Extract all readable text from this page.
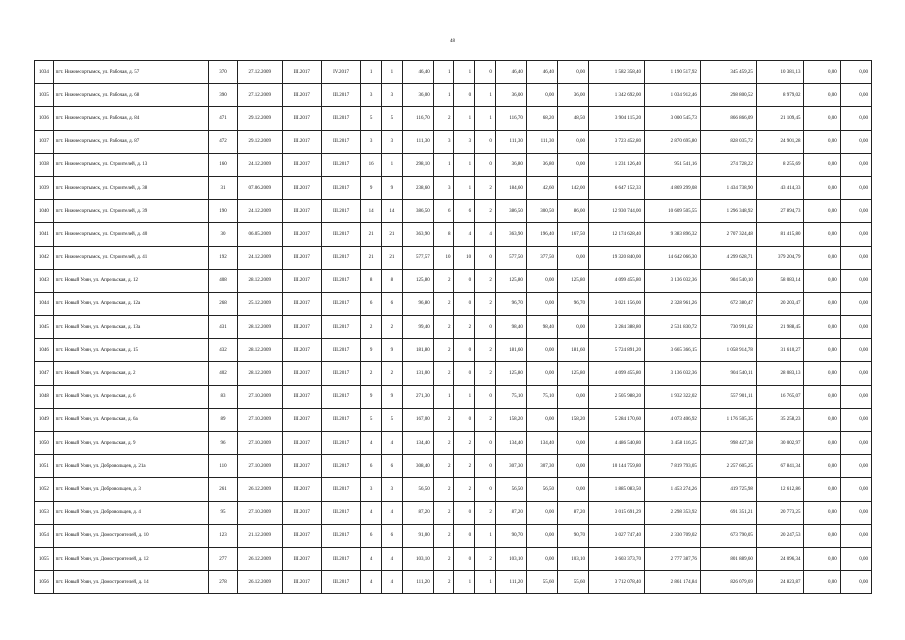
48
1034	пгт. Нижнесортымск, ул. Рабочая, д. 57	370	27.12.2009	III.2017	IV.2017	1	1	46,40	1	1	0	46,40	46,40	0,00	1 582 358,40	1 190 517,92	345 459,25	10 381,13	0,00	0,00
1035	пгт. Нижнесортымск, ул. Рабочая, д. 68	390	27.12.2009	III.2017	III.2017	3	3	36,00	1	0	1	36,00	0,00	36,00	1 342 692,00	1 034 912,46	298 800,52	8 979,02	0,00	0,00
1036	пгт. Нижнесортымск, ул. Рабочая, д. 84	471	29.12.2009	III.2017	III.2017	5	5	116,70	2	1	1	116,70	68,20	48,50	3 904 115,20	3 000 545,73	866 866,09	21 109,45	0,00	0,00
1037	пгт. Нижнесортымск, ул. Рабочая, д. 87	472	29.12.2009	III.2017	III.2017	3	3	111,30	3	3	0	111,30	111,30	0,00	3 723 452,80	2 870 695,80	828 035,72	24 901,28	0,00	0,00
1038	пгт. Нижнесортымск, ул. Строителей, д. 13	160	24.12.2009	III.2017	III.2017	16	1	298,10	1	1	0	36,80	36,80	0,00	1 231 126,40	951 541,16	274 728,22	8 255,69	0,00	0,00
1039	пгт. Нижнесортымск, ул. Строителей, д. 38	31	07.06.2009	III.2017	III.2017	9	9	238,60	3	1	2	184,60	42,60	142,00	6 647 152,33	4 869 299,08	1 434 738,90	43 414,33	0,00	0,00
1040	пгт. Нижнесортымск, ул. Строителей, д. 39	190	24.12.2009	III.2017	III.2017	14	14	386,50	6	6	2	386,50	300,50	86,00	12 930 744,00	10 609 505,55	1 296 348,92	27 894,73	0,00	0,00
1041	пгт. Нижнесортымск, ул. Строителей, д. 40	30	06.05.2009	III.2017	III.2017	21	21	363,90	8	4	4	363,90	196,40	167,50	12 174 628,40	9 383 896,32	2 707 324,48	81 415,80	0,00	0,00
1042	пгт. Нижнесортымск, ул. Строителей, д. 41	192	24.12.2009	III.2017	III.2017	21	21	577,57	10	10	0	577,50	377,50	0,00	19 320 840,00	14 642 066,30	4 299 628,71	379 204,79	0,00	0,00
1043	пгт. Новый Уоян, ул. Апрельская, д. 12	408	28.12.2009	III.2017	III.2017	8	8	125,80	2	0	2	125,80	0,00	125,80	4 099 455,80	3 136 032,36	904 540,10	58 083,14	0,00	0,00
1044	пгт. Новый Уоян, ул. Апрельская, д. 12а	268	25.12.2009	III.2017	III.2017	6	6	96,80	2	0	2	96,70	0,00	96,70	3 021 156,00	2 328 961,26	672 380,47	20 203,47	0,00	0,00
1045	пгт. Новый Уоян, ул. Апрельская, д. 13а	431	28.12.2009	III.2017	III.2017	2	2	99,40	2	2	0	98,40	98,40	0,00	3 284 388,80	2 531 830,72	730 991,62	21 988,45	0,00	0,00
1046	пгт. Новый Уоян, ул. Апрельская, д. 15	432	28.12.2009	III.2017	III.2017	9	9	181,80	2	0	2	181,60	0,00	181,60	5 724 891,20	3 665 366,15	1 058 914,78	31 610,27	0,00	0,00
1047	пгт. Новый Уоян, ул. Апрельская, д. 2	402	28.12.2009	III.2017	III.2017	2	2	131,00	2	0	2	125,80	0,00	125,80	4 099 455,80	3 136 032,36	904 540,11	28 083,13	0,00	0,00
1048	пгт. Новый Уоян, ул. Апрельская, д. 6	83	27.10.2009	III.2017	III.2017	9	9	271,30	1	1	0	75,10	75,10	0,00	2 505 988,20	1 932 322,02	557 901,11	16 765,07	0,00	0,00
1049	пгт. Новый Уоян, ул. Апрельская, д. 6а	89	27.10.2009	III.2017	III.2017	5	5	167,00	2	0	2	158,20	0,00	158,20	5 284 170,60	4 073 406,92	1 176 505,35	35 258,23	0,00	0,00
1050	пгт. Новый Уоян, ул. Апрельская, д. 9	96	27.10.2009	III.2017	III.2017	4	4	134,40	2	2	0	134,40	134,40	0,00	4 486 540,80	3 458 116,25	998 427,38	30 002,97	0,00	0,00
1051	пгт. Новый Уоян, ул. Добровольцев, д. 21а	110	27.10.2009	III.2017	III.2017	6	6	308,40	2	2	0	307,30	307,30	0,00	10 144 759,80	7 819 793,05	2 257 605,25	67 841,34	0,00	0,00
1052	пгт. Новый Уоян, ул. Добровольцев, д. 3	261	26.12.2009	III.2017	III.2017	3	3	56,50	2	2	0	56,50	56,50	0,00	1 885 083,50	1 453 274,26	419 725,98	12 612,86	0,00	0,00
1053	пгт. Новый Уоян, ул. Добровольцев, д. 4	95	27.10.2009	III.2017	III.2017	4	4	87,20	2	0	2	87,20	0,00	87,20	3 015 691,29	2 298 353,92	691 351,21	20 773,25	0,00	0,00
1054	пгт. Новый Уоян, ул. Домостроителей, д. 10	123	21.12.2009	III.2017	III.2017	6	6	91,00	2	0	1	90,70	0,00	90,70	3 027 747,40	2 330 709,02	673 790,05	20 247,53	0,00	0,00
1055	пгт. Новый Уоян, ул. Домостроителей, д. 12	277	26.12.2009	III.2017	III.2017	4	4	103,10	2	0	2	103,10	0,00	103,10	3 603 373,70	2 777 387,76	801 889,60	24 096,34	0,00	0,00
1056	пгт. Новый Уоян, ул. Домостроителей, д. 14	278	26.12.2009	III.2017	III.2017	4	4	111,20	2	1	1	111,20	55,60	55,60	3 712 078,40	2 861 174,84	826 079,69	24 823,87	0,00	0,00
